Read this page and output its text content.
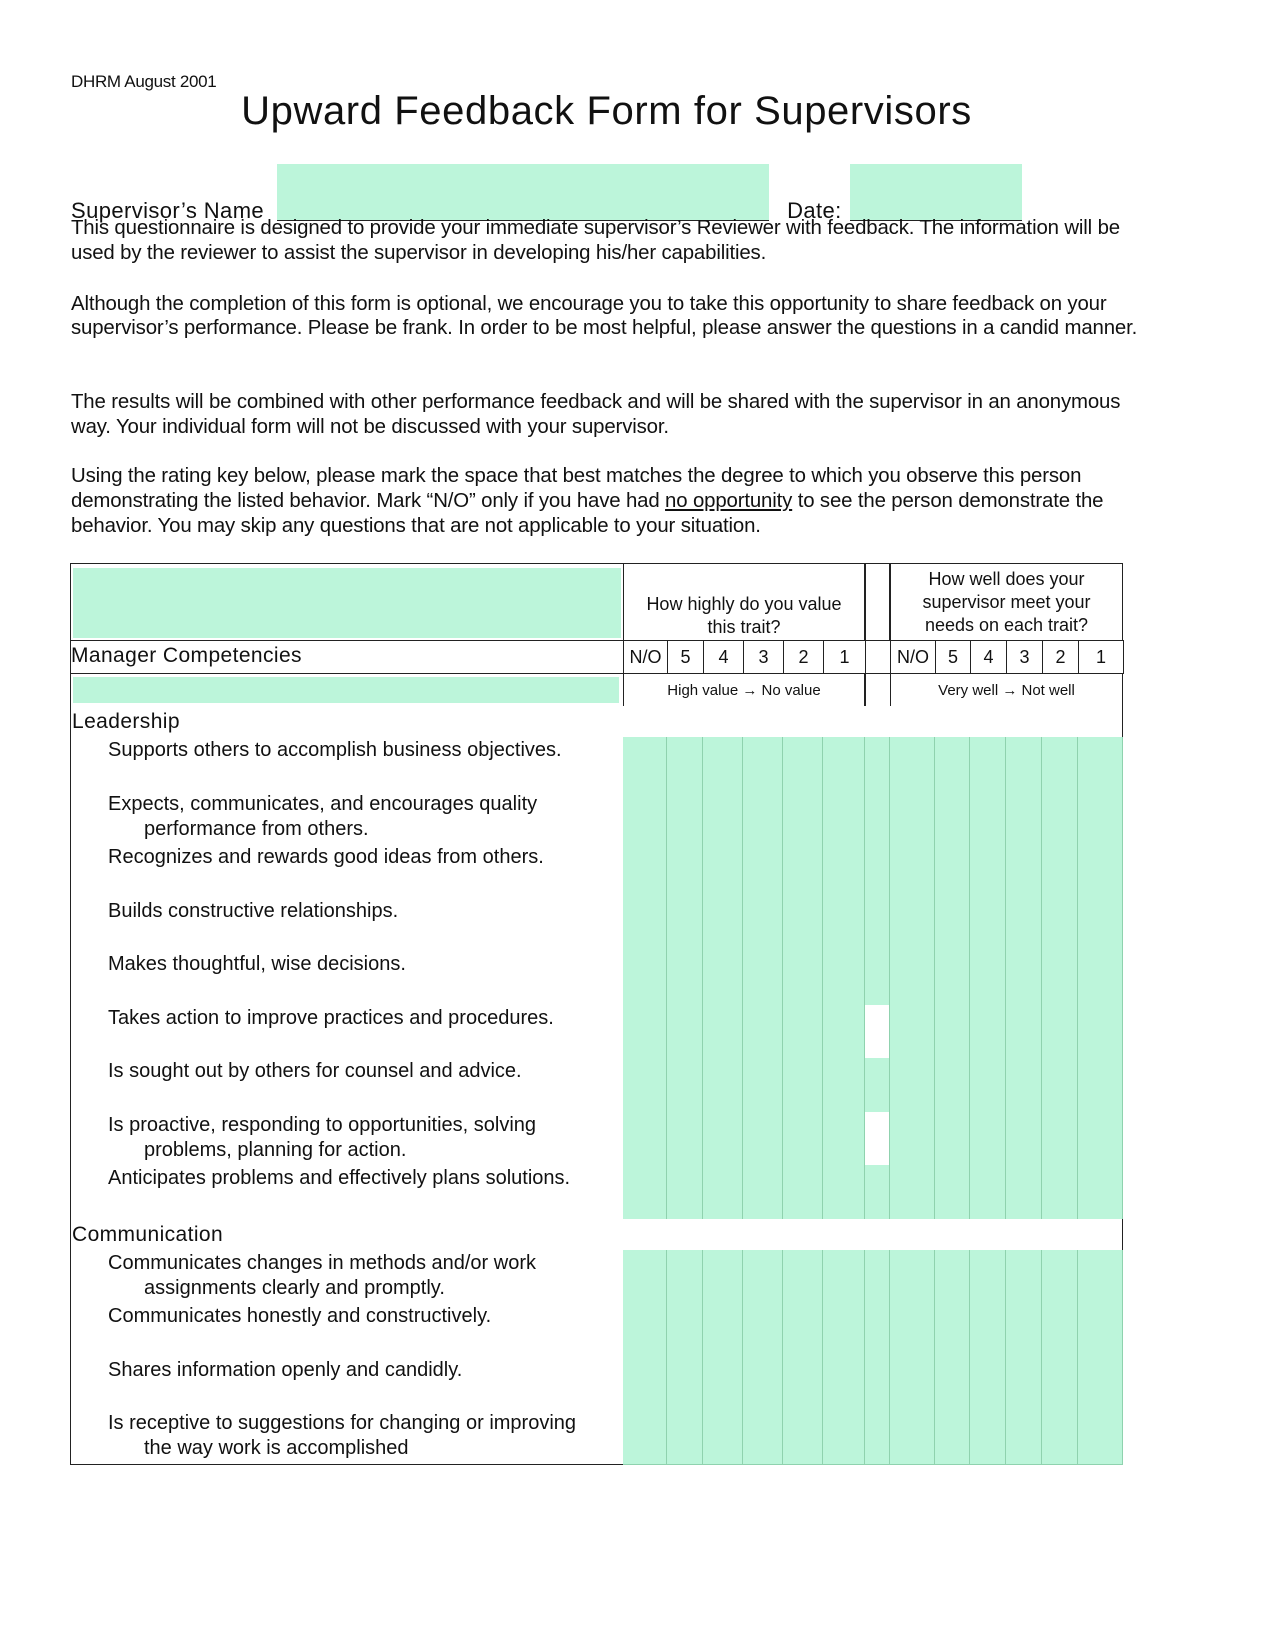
DHRM August 2001
Upward Feedback Form for Supervisors
Supervisor’s Name	Date:
This questionnaire is designed to provide your immediate supervisor’s Reviewer with feedback. The information will be used by the reviewer to assist the supervisor in developing his/her capabilities.
Although the completion of this form is optional, we encourage you to take this opportunity to share feedback on your supervisor’s performance. Please be frank. In order to be most helpful, please answer the questions in a candid manner.
The results will be combined with other performance feedback and will be shared with the supervisor in an anonymous way. Your individual form will not be discussed with your supervisor.
Using the rating key below, please mark the space that best matches the degree to which you observe this person demonstrating the listed behavior. Mark “N/O” only if you have had no opportunity to see the person demonstrate the behavior. You may skip any questions that are not applicable to your situation.
How highly do you value this trait?
How well does your supervisor meet your needs on each trait?
Manager Competencies	N/O 5 4 3 2 1	N/O 5 4 3 2 1
High value → No value	Very well → Not well
Leadership
Supports others to accomplish business objectives.
Expects, communicates, and encourages quality
performance from others.
Recognizes and rewards good ideas from others.
Builds constructive relationships.
Makes thoughtful, wise decisions.
Takes action to improve practices and procedures.
Is sought out by others for counsel and advice.
Is proactive, responding to opportunities, solving
problems, planning for action.
Anticipates problems and effectively plans solutions.
Communication
Communicates changes in methods and/or work
assignments clearly and promptly.
Communicates honestly and constructively.
Shares information openly and candidly.
Is receptive to suggestions for changing or improving
the way work is accomplished
